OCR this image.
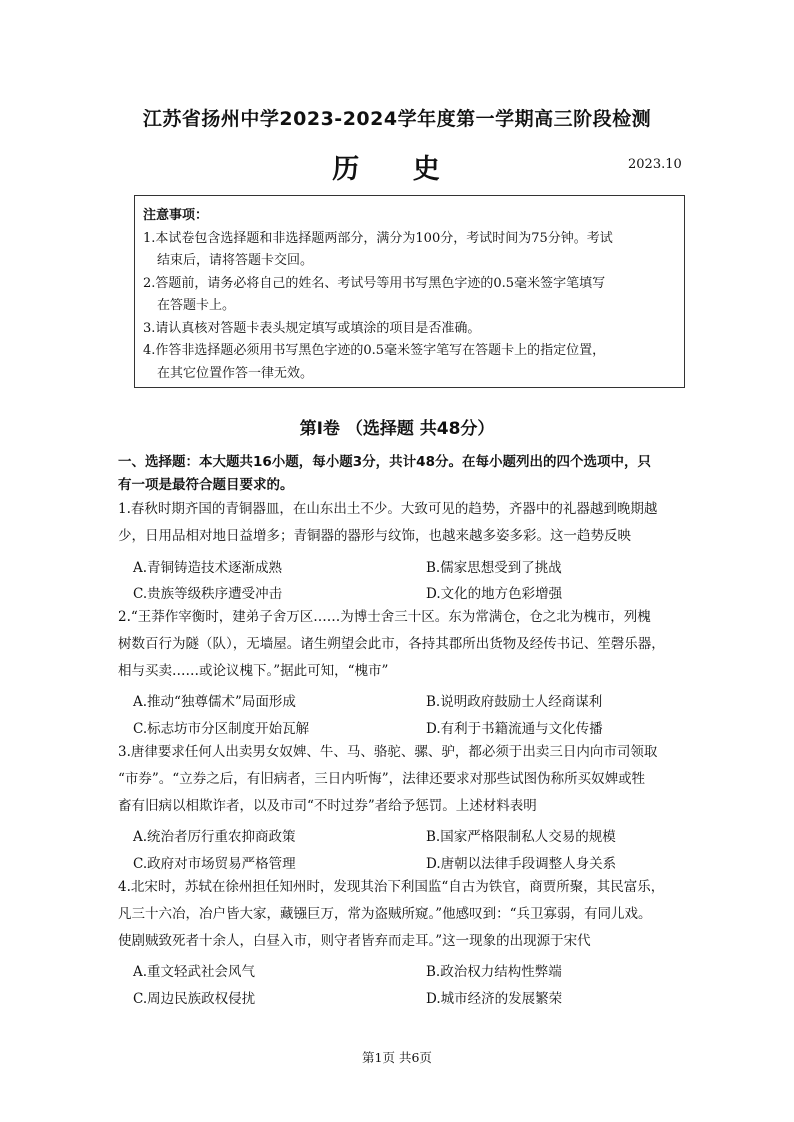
江苏省扬州中学2023-2024学年度第一学期高三阶段检测
历 史	2023.10
注意事项：
1.本试卷包含选择题和非选择题两部分，满分为100分，考试时间为75分钟。考试
结束后，请将答题卡交回。
2.答题前，请务必将自己的姓名、考试号等用书写黑色字迹的0.5毫米签字笔填写
在答题卡上。
3.请认真核对答题卡表头规定填写或填涂的项目是否准确。
4.作答非选择题必须用书写黑色字迹的0.5毫米签字笔写在答题卡上的指定位置，
在其它位置作答一律无效。
第Ⅰ卷 （选择题 共48分）
一、选择题：本大题共16小题，每小题3分，共计48分。在每小题列出的四个选项中，只
有一项是最符合题目要求的。
1.春秋时期齐国的青铜器皿，在山东出土不少。大致可见的趋势，齐器中的礼器越到晚期越
少，日用品相对地日益增多；青铜器的器形与纹饰，也越来越多姿多彩。这一趋势反映
A.青铜铸造技术逐渐成熟	B.儒家思想受到了挑战
C.贵族等级秩序遭受冲击	D.文化的地方色彩增强
2.“王莽作宰衡时，建弟子舍万区……为博士舍三十区。东为常满仓，仓之北为槐市，列槐
树数百行为隧（队），无墙屋。诸生朔望会此市，各持其郡所出货物及经传书记、笙磬乐器，
相与买卖……或论议槐下。”据此可知，“槐市”
A.推动“独尊儒术”局面形成	B.说明政府鼓励士人经商谋利
C.标志坊市分区制度开始瓦解	D.有利于书籍流通与文化传播
3.唐律要求任何人出卖男女奴婢、牛、马、骆驼、骡、驴，都必须于出卖三日内向市司领取
“市券”。“立券之后，有旧病者，三日内听悔”，法律还要求对那些试图伪称所买奴婢或牲
畜有旧病以相欺诈者，以及市司“不时过券”者给予惩罚。上述材料表明
A.统治者厉行重农抑商政策	B.国家严格限制私人交易的规模
C.政府对市场贸易严格管理	D.唐朝以法律手段调整人身关系
4.北宋时，苏轼在徐州担任知州时，发现其治下利国监“自古为铁官，商贾所聚，其民富乐，
凡三十六冶，冶户皆大家，藏镪巨万，常为盗贼所窥。”他感叹到：“兵卫寡弱，有同儿戏。
使剧贼致死者十余人，白昼入市，则守者皆弃而走耳。”这一现象的出现源于宋代
A.重文轻武社会风气	B.政治权力结构性弊端
C.周边民族政权侵扰	D.城市经济的发展繁荣
第1页 共6页
